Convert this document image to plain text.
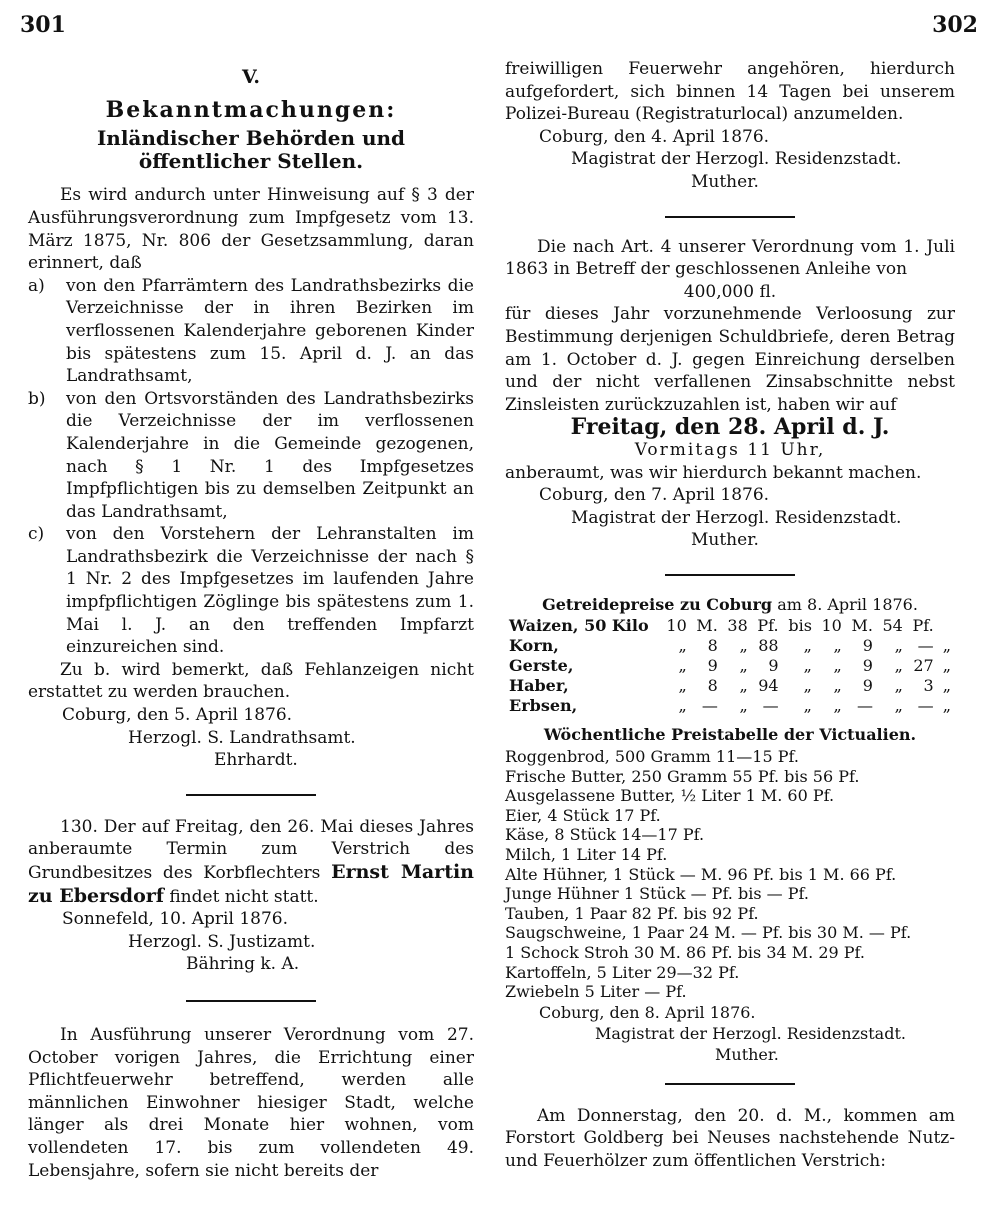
301	302

V.

Bekanntmachungen:

Inländischer Behörden und öffentlicher Stellen.

Es wird andurch unter Hinweisung auf § 3 der Ausführungsverordnung zum Impfgesetz vom 13. März 1875, Nr. 806 der Gesetzsammlung, daran erinnert, daß

a)	von den Pfarrämtern des Landrathsbezirks die Verzeichnisse der in ihren Bezirken im verflossenen Kalenderjahre geborenen Kinder bis spätestens zum 15. April d. J. an das Landrathsamt,
b)	von den Ortsvorständen des Landrathsbezirks die Verzeichnisse der im verflossenen Kalenderjahre in die Gemeinde gezogenen, nach § 1 Nr. 1 des Impfgesetzes Impfpflichtigen bis zu demselben Zeitpunkt an das Landrathsamt,
c)	von den Vorstehern der Lehranstalten im Landrathsbezirk die Verzeichnisse der nach § 1 Nr. 2 des Impfgesetzes im laufenden Jahre impfpflichtigen Zöglinge bis spätestens zum 1. Mai l. J. an den treffenden Impfarzt einzureichen sind.

Zu b. wird bemerkt, daß Fehlanzeigen nicht erstattet zu werden brauchen.

Coburg, den 5. April 1876.

Herzogl. S. Landrathsamt.

Ehrhardt.

130. Der auf Freitag, den 26. Mai dieses Jahres anberaumte Termin zum Verstrich des Grundbesitzes des Korbflechters Ernst Martin zu Ebersdorf findet nicht statt.

Sonnefeld, 10. April 1876.

Herzogl. S. Justizamt.

Bähring k. A.

In Ausführung unserer Verordnung vom 27. October vorigen Jahres, die Errichtung einer Pflichtfeuerwehr betreffend, werden alle männlichen Einwohner hiesiger Stadt, welche länger als drei Monate hier wohnen, vom vollendeten 17. bis zum vollendeten 49. Lebensjahre, sofern sie nicht bereits der

freiwilligen Feuerwehr angehören, hierdurch aufgefordert, sich binnen 14 Tagen bei unserem Polizei-Bureau (Registraturlocal) anzumelden.

Coburg, den 4. April 1876.

Magistrat der Herzogl. Residenzstadt.

Muther.

Die nach Art. 4 unserer Verordnung vom 1. Juli 1863 in Betreff der geschlossenen Anleihe von

400,000 fl.

für dieses Jahr vorzunehmende Verloosung zur Bestimmung derjenigen Schuldbriefe, deren Betrag am 1. October d. J. gegen Einreichung derselben und der nicht verfallenen Zinsabschnitte nebst Zinsleisten zurückzuzahlen ist, haben wir auf

Freitag, den 28. April d. J.

Vormitags 11 Uhr,

anberaumt, was wir hierdurch bekannt machen.

Coburg, den 7. April 1876.

Magistrat der Herzogl. Residenzstadt.

Muther.

Getreidepreise zu Coburg am 8. April 1876.

Waizen, 50 Kilo	10	M.	38	Pf.	bis	10	M.	54	Pf.	
Korn,	„	8	„	88	„	„	9	„	—	„
Gerste,	„	9	„	9	„	„	9	„	27	„
Haber,	„	8	„	94	„	„	9	„	3	„
Erbsen,	„	—	„	—	„	„	—	„	—	„

Wöchentliche Preistabelle der Victualien.

Roggenbrod, 500 Gramm 11—15 Pf.
Frische Butter, 250 Gramm 55 Pf. bis 56 Pf.
Ausgelassene Butter, ½ Liter 1 M. 60 Pf.
Eier, 4 Stück 17 Pf.
Käse, 8 Stück 14—17 Pf.
Milch, 1 Liter 14 Pf.
Alte Hühner, 1 Stück — M. 96 Pf. bis 1 M. 66 Pf.
Junge Hühner 1 Stück — Pf. bis — Pf.
Tauben, 1 Paar 82 Pf. bis 92 Pf.
Saugschweine, 1 Paar 24 M. — Pf. bis 30 M. — Pf.
1 Schock Stroh 30 M. 86 Pf. bis 34 M. 29 Pf.
Kartoffeln, 5 Liter 29—32 Pf.
Zwiebeln 5 Liter — Pf.

Coburg, den 8. April 1876.

Magistrat der Herzogl. Residenzstadt.

Muther.

Am Donnerstag, den 20. d. M., kommen am Forstort Goldberg bei Neuses nachstehende Nutz- und Feuerhölzer zum öffentlichen Verstrich:
